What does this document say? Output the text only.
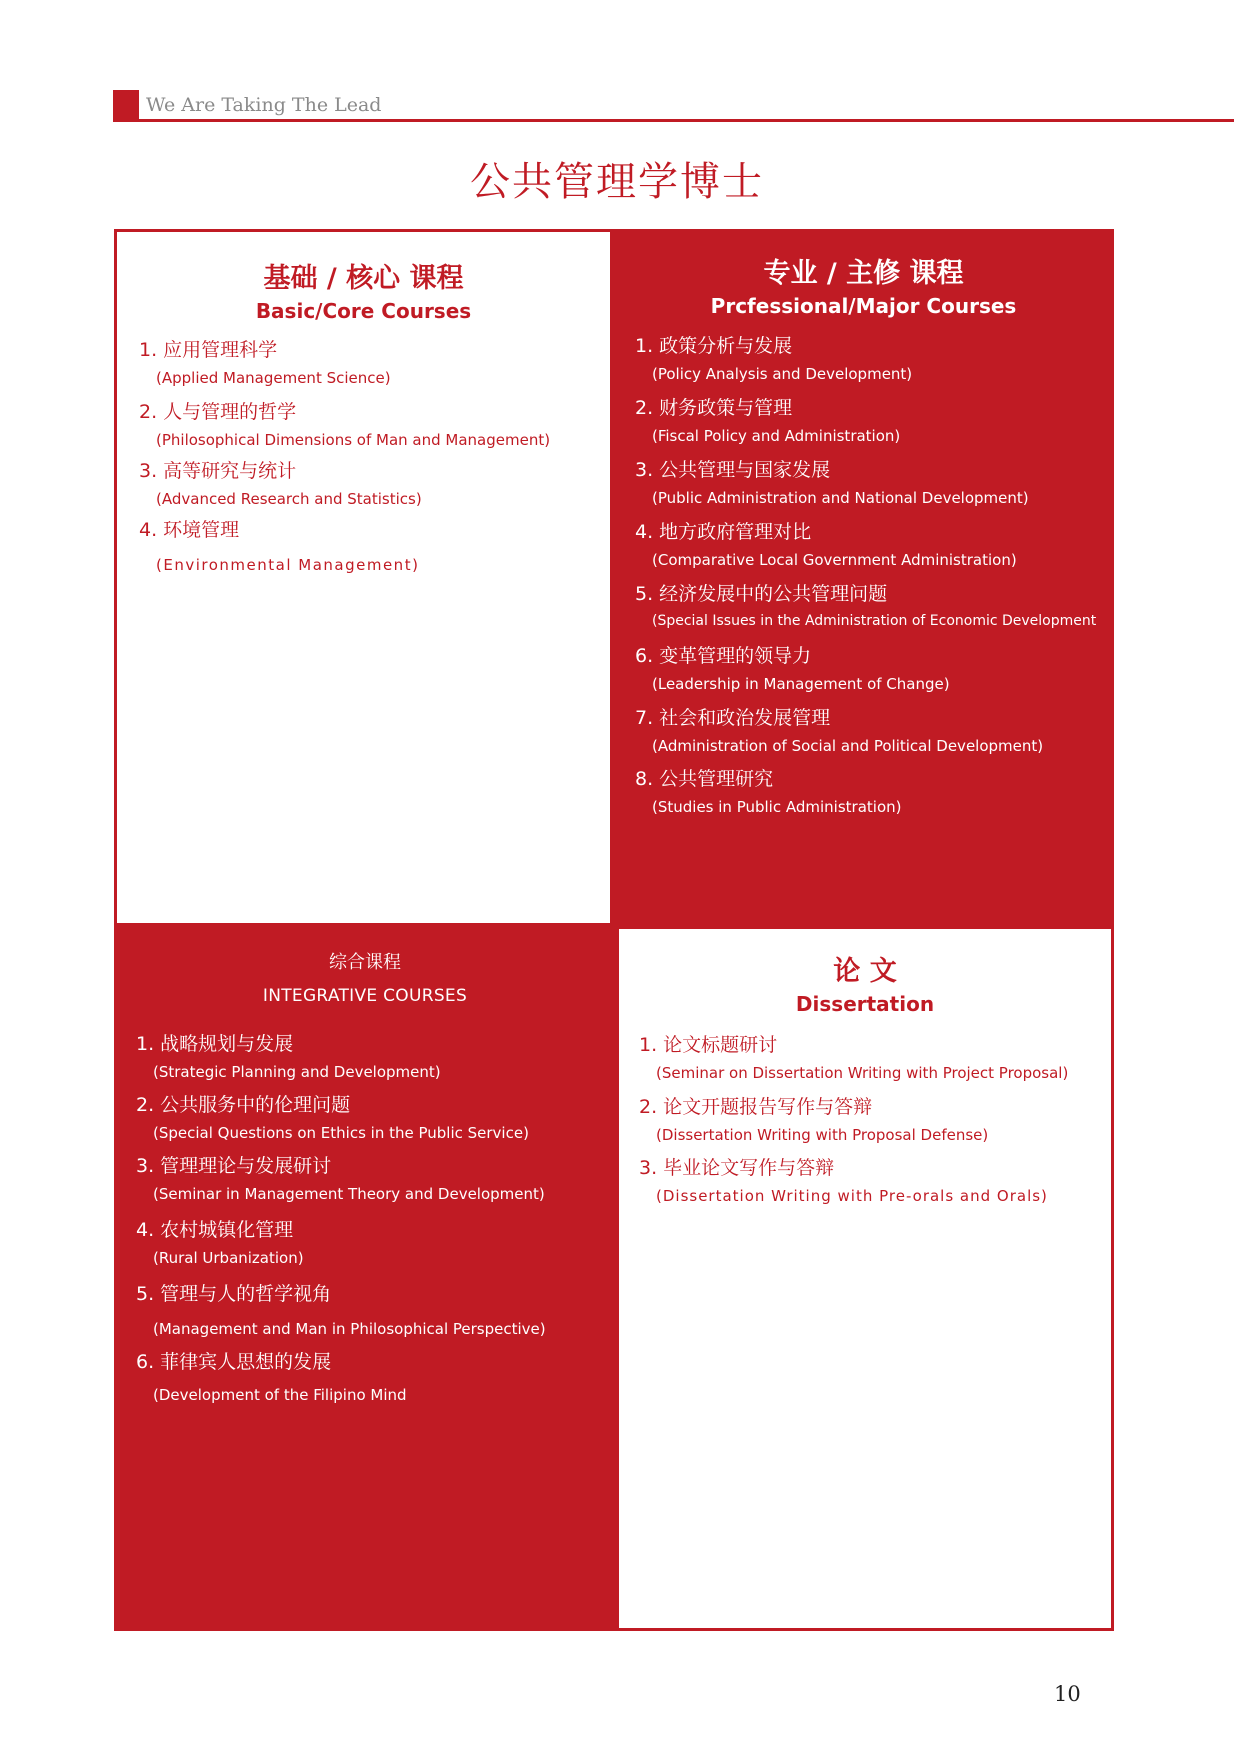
We Are Taking The Lead
公共管理学博士
基础 / 核心 课程
Basic/Core Courses
1. 应用管理科学
(Applied Management Science)
2. 人与管理的哲学
(Philosophical Dimensions of Man and Management)
3. 高等研究与统计
(Advanced Research and Statistics)
4. 环境管理
(Environmental Management)
专业 / 主修 课程
Prcfessional/Major Courses
1. 政策分析与发展
(Policy Analysis and Development)
2. 财务政策与管理
(Fiscal Policy and Administration)
3. 公共管理与国家发展
(Public Administration and National Development)
4. 地方政府管理对比
(Comparative Local Government Administration)
5. 经济发展中的公共管理问题
(Special Issues in the Administration of Economic Development
6. 变革管理的领导力
(Leadership in Management of Change)
7. 社会和政治发展管理
(Administration of Social and Political Development)
8. 公共管理研究
(Studies in Public Administration)
综合课程
INTEGRATIVE COURSES
1. 战略规划与发展
(Strategic Planning and Development)
2. 公共服务中的伦理问题
(Special Questions on Ethics in the Public Service)
3. 管理理论与发展研讨
(Seminar in Management Theory and Development)
4. 农村城镇化管理
(Rural Urbanization)
5. 管理与人的哲学视角
(Management and Man in Philosophical Perspective)
6. 菲律宾人思想的发展
(Development of the Filipino Mind
论 文
Dissertation
1. 论文标题研讨
(Seminar on Dissertation Writing with Project Proposal)
2. 论文开题报告写作与答辩
(Dissertation Writing with Proposal Defense)
3. 毕业论文写作与答辩
(Dissertation Writing with Pre-orals and Orals)
10
